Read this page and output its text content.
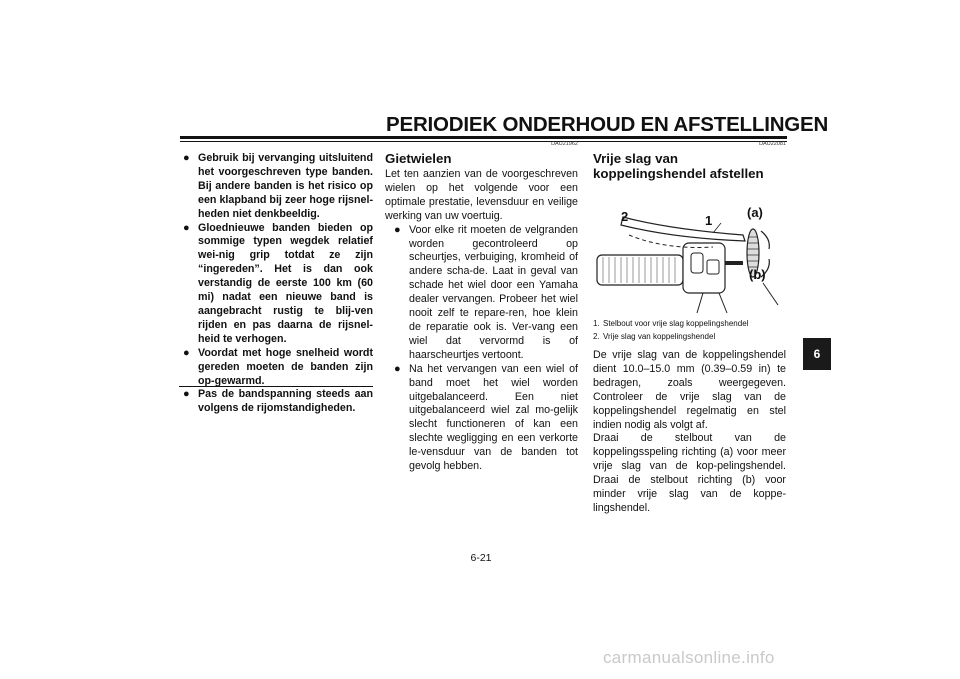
PERIODIEK ONDERHOUD EN AFSTELLINGEN

● Gebruik bij vervanging uitsluitend het voorgeschreven type banden. Bij andere banden is het risico op een klapband bij zeer hoge rijsnel-heden niet denkbeeldig.

● Gloednieuwe banden bieden op sommige typen wegdek relatief wei-nig grip totdat ze zijn “ingereden”. Het is dan ook verstandig de eerste 100 km (60 mi) nadat een nieuwe band is aangebracht rustig te blij-ven rijden en pas daarna de rijsnel-heid te verhogen.

● Voordat met hoge snelheid wordt gereden moeten de banden zijn op-gewarmd.

● Pas de bandspanning steeds aan volgens de rijomstandigheden.

DAU21962
Gietwielen

Let ten aanzien van de voorgeschreven wielen op het volgende voor een optimale prestatie, levensduur en veilige werking van uw voertuig.

● Voor elke rit moeten de velgranden worden gecontroleerd op scheurtjes, verbuiging, kromheid of andere scha-de. Laat in geval van schade het wiel door een Yamaha dealer vervangen. Probeer het wiel nooit zelf te repare-ren, hoe klein de reparatie ook is. Ver-vang een wiel dat vervormd is of haarscheurtjes vertoont.

● Na het vervangen van een wiel of band moet het wiel worden uitgebalanceerd. Een niet uitgebalanceerd wiel zal mo-gelijk slecht functioneren of kan een slechte wegligging en een verkorte le-vensduur van de banden tot gevolg hebben.

DAU22081
Vrije slag van koppelingshendel afstellen
2	1
(a)
(b)
1. Stelbout voor vrije slag koppelingshendel
2. Vrije slag van koppelingshendel

De vrije slag van de koppelingshendel dient 10.0–15.0 mm (0.39–0.59 in) te bedragen, zoals weergegeven. Controleer de vrije slag van de koppelingshendel regelmatig en stel indien nodig als volgt af.

Draai de stelbout van de koppelingsspeling richting (a) voor meer vrije slag van de kop-pelingshendel. Draai de stelbout richting (b) voor minder vrije slag van de koppe-lingshendel.

6
6-21
carmanualsonline.info
